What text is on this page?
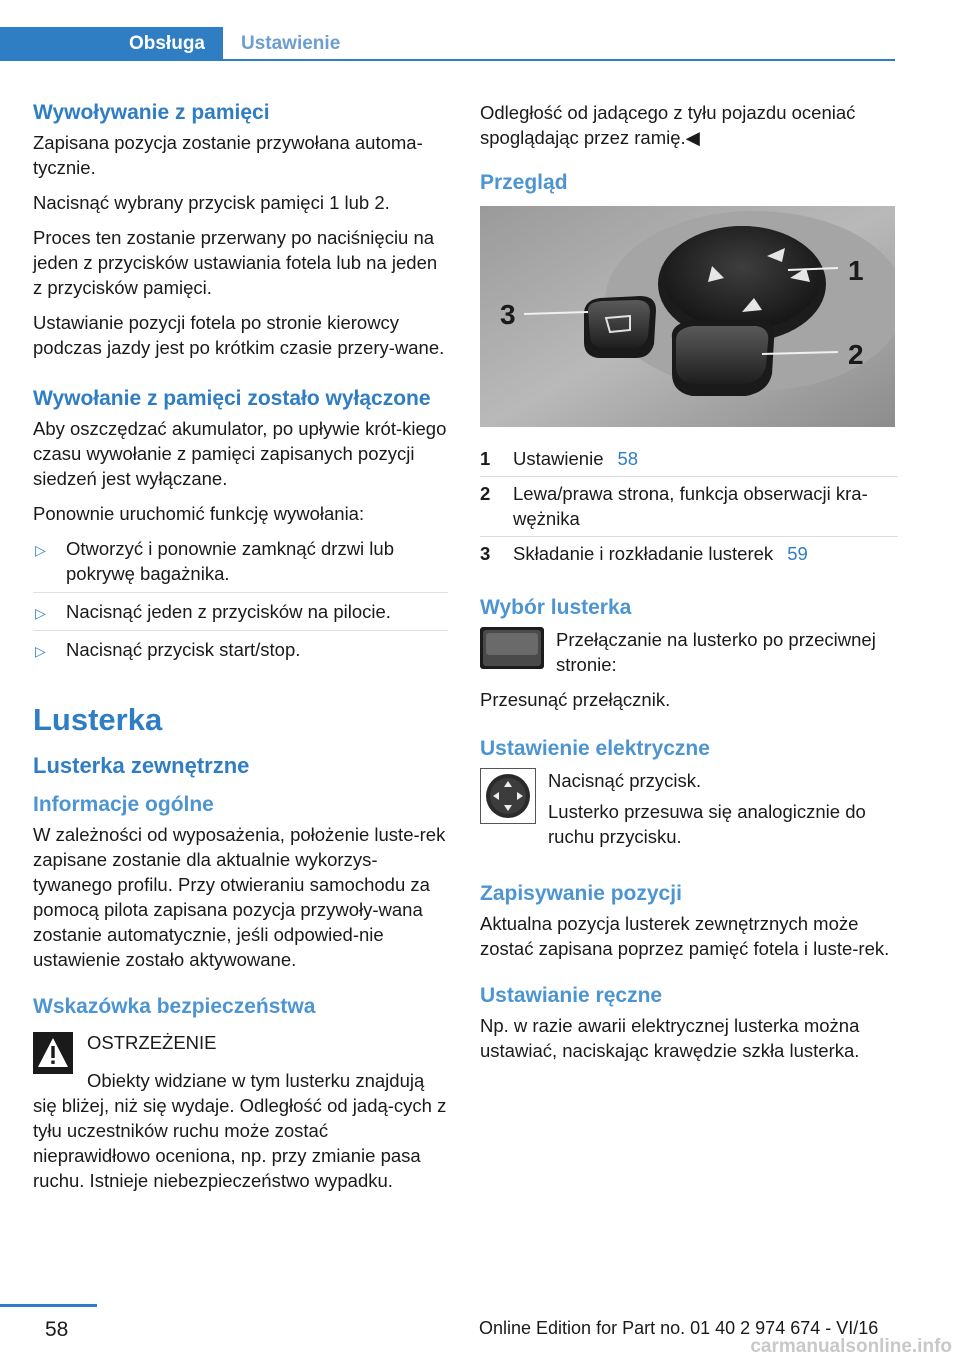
Obsługa	Ustawienie
Wywoływanie z pamięci

Zapisana pozycja zostanie przywołana automa‐tycznie.

Nacisnąć wybrany przycisk pamięci 1 lub 2.

Proces ten zostanie przerwany po naciśnięciu na jeden z przycisków ustawiania fotela lub na jeden z przycisków pamięci.

Ustawianie pozycji fotela po stronie kierowcy podczas jazdy jest po krótkim czasie przery‐wane.

Wywołanie z pamięci zostało wyłączone

Aby oszczędzać akumulator, po upływie krót‐kiego czasu wywołanie z pamięci zapisanych pozycji siedzeń jest wyłączane.

Ponownie uruchomić funkcję wywołania:

▷ Otworzyć i ponownie zamknąć drzwi lub pokrywę bagażnika.
▷ Nacisnąć jeden z przycisków na pilocie.
▷ Nacisnąć przycisk start/stop.
Lusterka
Lusterka zewnętrzne
Informacje ogólne

W zależności od wyposażenia, położenie luste‐rek zapisane zostanie dla aktualnie wykorzys‐tywanego profilu. Przy otwieraniu samochodu za pomocą pilota zapisana pozycja przywoły‐wana zostanie automatycznie, jeśli odpowied‐nie ustawienie zostało aktywowane.

Wskazówka bezpieczeństwa

OSTRZEŻENIE

Obiekty widziane w tym lusterku znajdują się bliżej, niż się wydaje. Odległość od jadą‐cych z tyłu uczestników ruchu może zostać nieprawidłowo oceniona, np. przy zmianie pasa ruchu. Istnieje niebezpieczeństwo wypadku.

Odległość od jadącego z tyłu pojazdu oceniać spoglądając przez ramię.◀

Przegląd
1
2
3
1	Ustawienie 58
2	Lewa/prawa strona, funkcja obserwacji kra‐wężnika
3	Składanie i rozkładanie lusterek 59
Wybór lusterka

Przełączanie na lusterko po przeciwnej stronie:

Przesunąć przełącznik.

Ustawienie elektryczne

Nacisnąć przycisk.

Lusterko przesuwa się analogicznie do ruchu przycisku.

Zapisywanie pozycji

Aktualna pozycja lusterek zewnętrznych może zostać zapisana poprzez pamięć fotela i luste‐rek.

Ustawianie ręczne

Np. w razie awarii elektrycznej lusterka można ustawiać, naciskając krawędzie szkła lusterka.

58	Online Edition for Part no. 01 40 2 974 674 - VI/16
carmanualsonline.info
